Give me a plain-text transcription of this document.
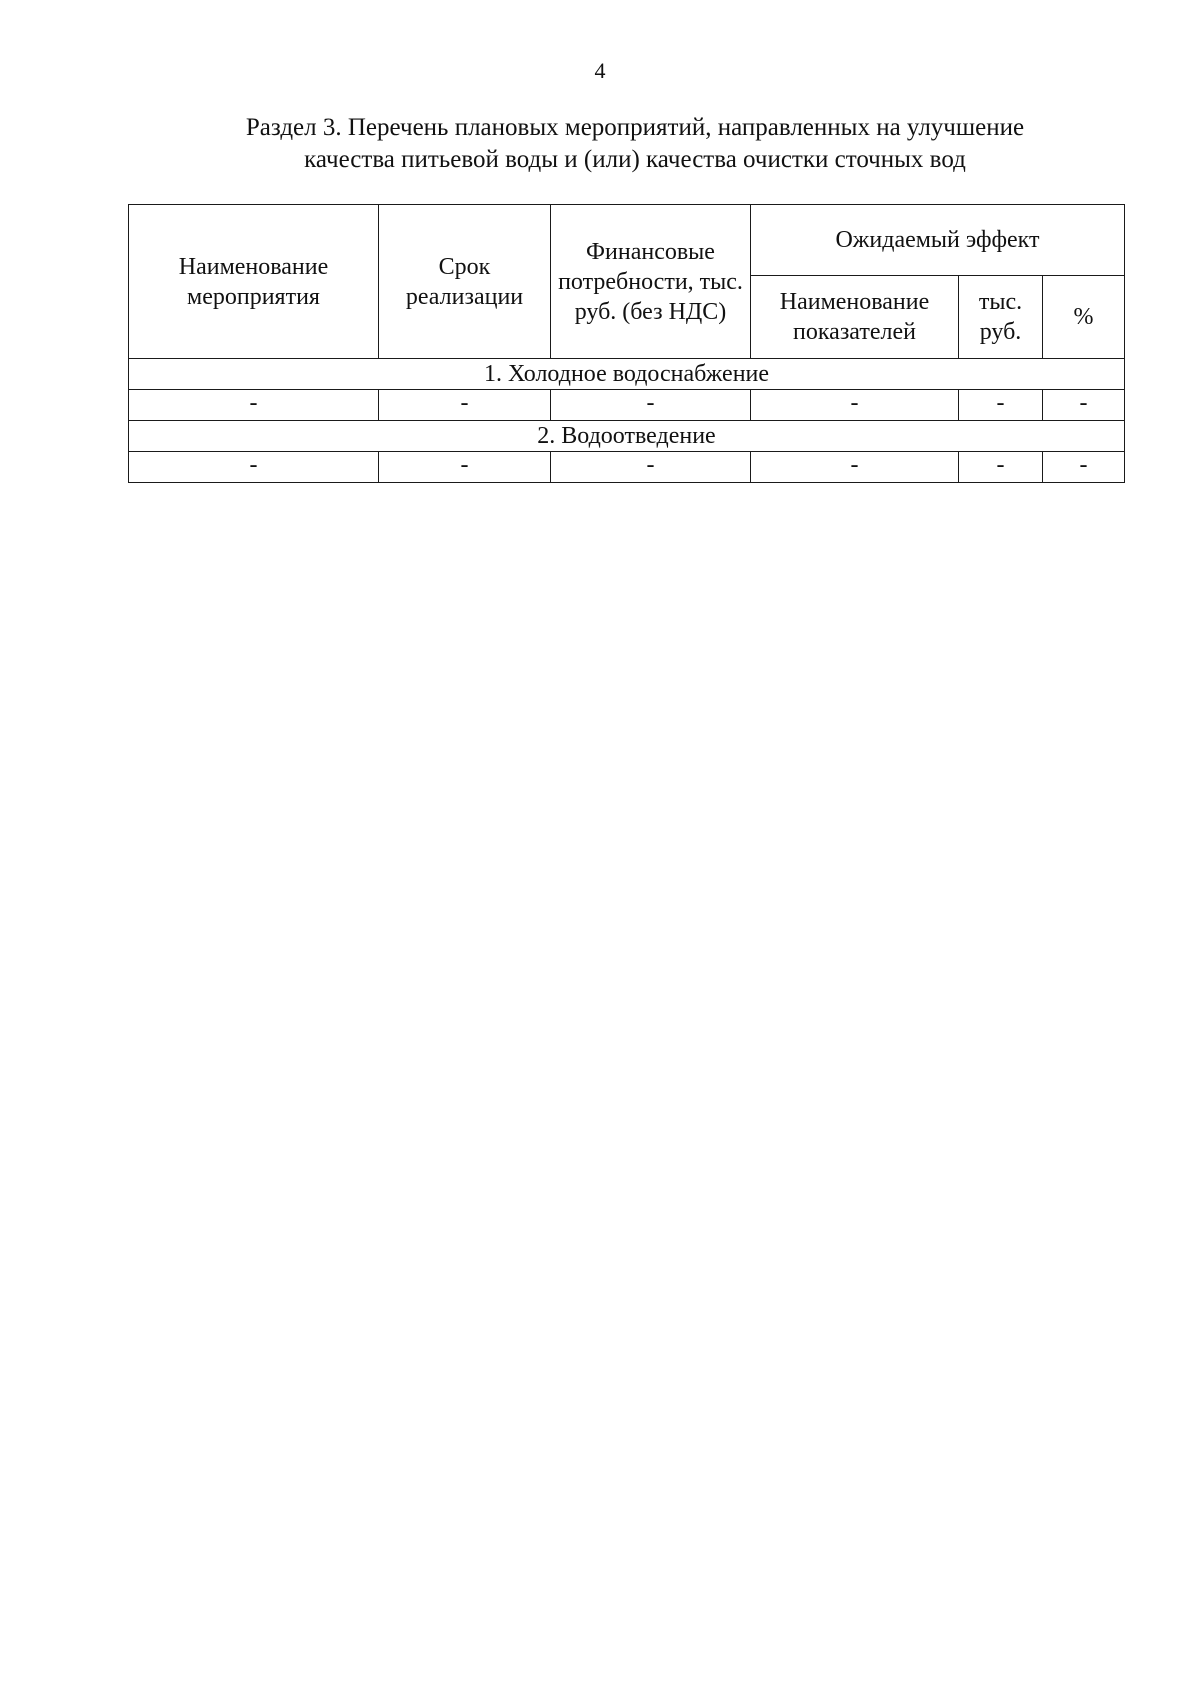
4
Раздел 3. Перечень плановых мероприятий, направленных на улучшение
качества питьевой воды и (или) качества очистки сточных вод
Наименование мероприятия	Срок реализации	Финансовые потребности, тыс. руб. (без НДС)	Ожидаемый эффект		
			Наименование показателей	тыс. руб.	%
1. Холодное водоснабжение					
-	-	-	-	-	-
2. Водоотведение					
-	-	-	-	-	-
